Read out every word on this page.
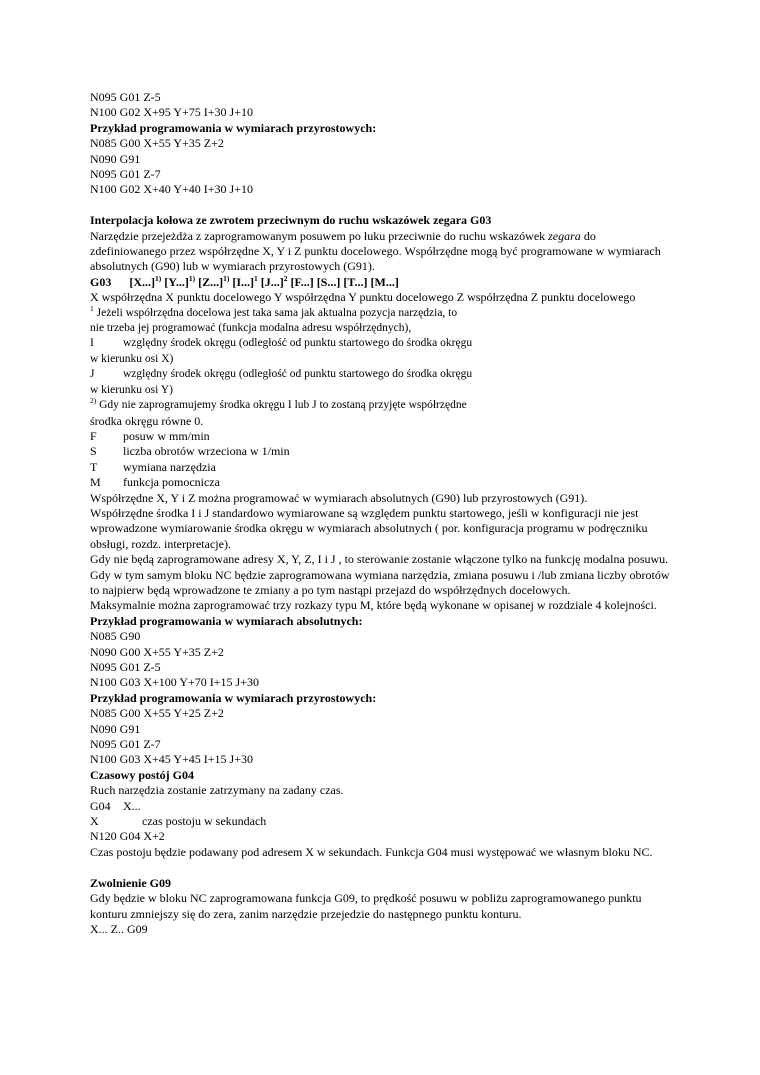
N095 G01 Z-5
N100 G02 X+95 Y+75 I+30 J+10
Przykład programowania w wymiarach przyrostowych:
N085 G00 X+55 Y+35 Z+2
N090 G91
N095 G01 Z-7
N100 G02 X+40 Y+40 I+30 J+10
Interpolacja kołowa ze zwrotem przeciwnym do ruchu wskazówek zegara G03
Narzędzie przejeżdża z zaprogramowanym posuwem po łuku przeciwnie do ruchu wskazówek zegara do zdefiniowanego przez współrzędne X, Y i Z punktu docelowego. Współrzędne mogą być programowane w wymiarach absolutnych (G90) lub w wymiarach przyrostowych (G91).
G03 $[X...]^{1)}$ $[Y...]^{1)}$ $[Z...]^{1)}$ $[I...]^1$ $[J...]^2$ [F...] [S...] [T...] [M...]
X współrzędna X punktu docelowego Y współrzędna Y punktu docelowego Z współrzędna Z punktu docelowego
$^1$ Jeżeli współrzędna docelowa jest taka sama jak aktualna pozycja narzędzia, to
nie trzeba jej programować (funkcja modalna adresu współrzędnych),
I	względny środek okręgu (odległość od punktu startowego do środka okręgu
w kierunku osi X)
J	względny środek okręgu (odległość od punktu startowego do środka okręgu
w kierunku osi Y)
$^{2)}$ Gdy nie zaprogramujemy środka okręgu I lub J to zostaną przyjęte współrzędne
środka okręgu równe 0.
F	posuw w mm/min
S	liczba obrotów wrzeciona w 1/min
T	wymiana narzędzia
M	funkcja pomocnicza
Współrzędne X, Y i Z można programować w wymiarach absolutnych (G90) lub przyrostowych (G91).
Współrzędne środka I i J standardowo wymiarowane są względem punktu startowego, jeśli w konfiguracji nie jest wprowadzone wymiarowanie środka okręgu w wymiarach absolutnych ( por. konfiguracja programu w podręczniku obsługi, rozdz. interpretacje).
Gdy nie będą zaprogramowane adresy X, Y, Z, I i J , to sterowanie zostanie włączone tylko na funkcję modalna posuwu.
Gdy w tym samym bloku NC będzie zaprogramowana wymiana narzędzia, zmiana posuwu i /lub zmiana liczby obrotów to najpierw będą wprowadzone te zmiany a po tym nastąpi przejazd do współrzędnych docelowych.
Maksymalnie można zaprogramować trzy rozkazy typu M, które będą wykonane w opisanej w rozdziale 4 kolejności.
Przykład programowania w wymiarach absolutnych:
N085 G90
N090 G00 X+55 Y+35 Z+2
N095 G01 Z-5
N100 G03 X+100 Y+70 I+15 J+30
Przykład programowania w wymiarach przyrostowych:
N085 G00 X+55 Y+25 Z+2
N090 G91
N095 G01 Z-7
N100 G03 X+45 Y+45 I+15 J+30
Czasowy postój G04
Ruch narzędzia zostanie zatrzymany na zadany czas.
G04	X...
X	czas postoju w sekundach
N120 G04 X+2
Czas postoju będzie podawany pod adresem X w sekundach. Funkcja G04 musi występować we własnym bloku NC.
Zwolnienie G09
Gdy będzie w bloku NC zaprogramowana funkcja G09, to prędkość posuwu w pobliżu zaprogramowanego punktu konturu zmniejszy się do zera, zanim narzędzie przejedzie do następnego punktu konturu.
X... Z.. G09
